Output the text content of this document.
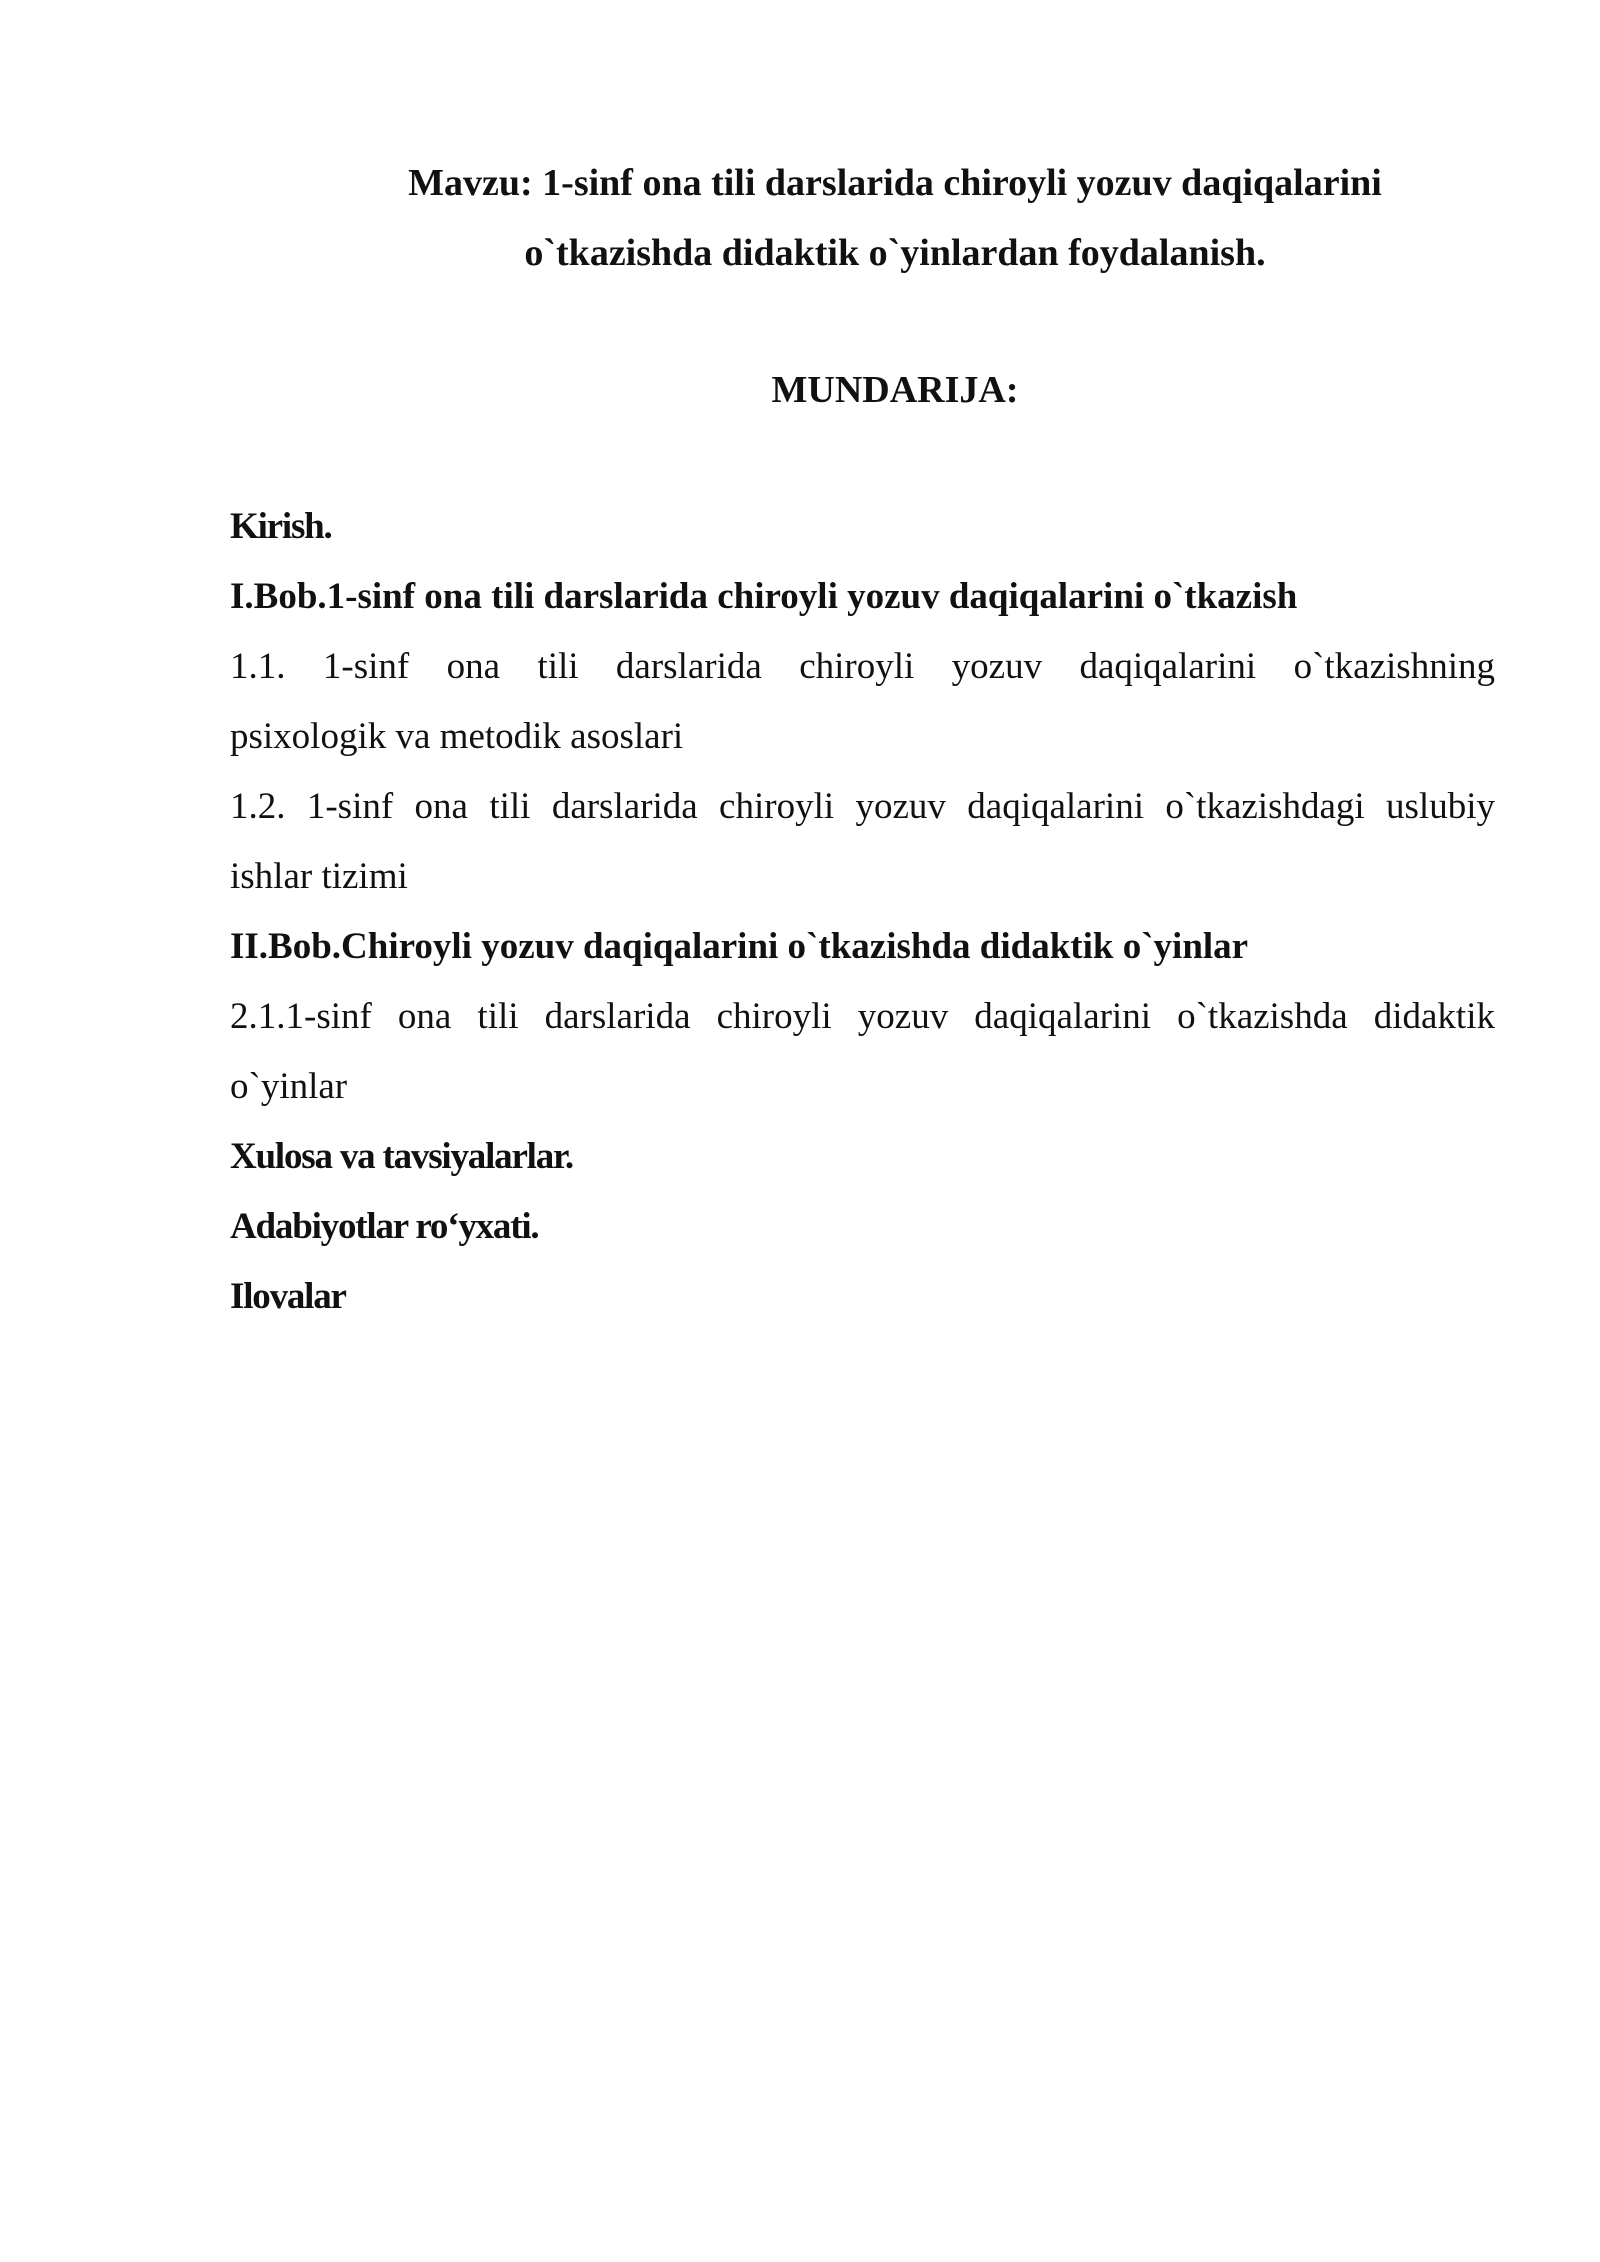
Mavzu: 1-sinf ona tili darslarida chiroyli yozuv daqiqalarini
o`tkazishda didaktik o`yinlardan foydalanish.
MUNDARIJA:
Kirish.
I.Bob.1-sinf ona tili darslarida chiroyli yozuv daqiqalarini o`tkazish
1.1. 1-sinf ona tili darslarida chiroyli yozuv daqiqalarini o`tkazishning
psixologik va metodik asoslari
1.2. 1-sinf ona tili darslarida chiroyli yozuv daqiqalarini o`tkazishdagi uslubiy
ishlar tizimi
II.Bob.Chiroyli yozuv daqiqalarini o`tkazishda didaktik o`yinlar
2.1.1-sinf ona tili darslarida chiroyli yozuv daqiqalarini o`tkazishda didaktik
o`yinlar
Xulosa va tavsiyalarlar.
Adabiyotlar ro‘yxati.
Ilovalar
